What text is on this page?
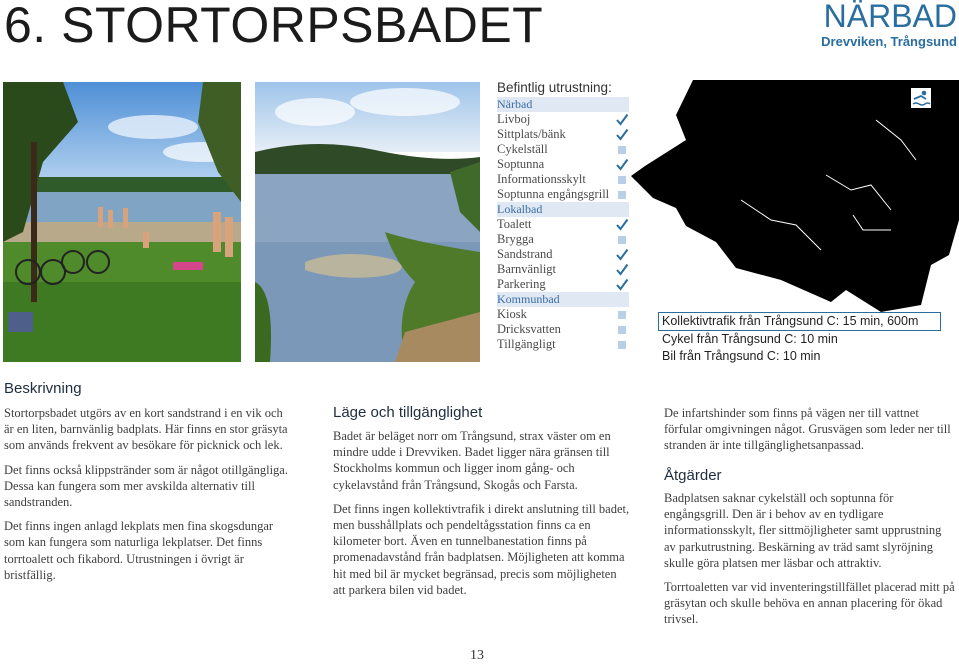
6. STORTORPSBADET	NÄRBAD
Drevviken, Trångsund
Befintlig utrustning:
Närbad
Livboj
Sittplats/bänk
Cykelställ
Soptunna
Informationsskylt
Soptunna engångsgrill
Lokalbad
Toalett
Brygga
Sandstrand
Barnvänligt
Parkering
Kommunbad
Kiosk
Dricksvatten
Tillgängligt
Kollektivtrafik från Trångsund C: 15 min, 600m
Cykel från Trångsund C: 10 min
Bil från Trångsund C: 10 min
Beskrivning

Stortorpsbadet utgörs av en kort sandstrand i en vik och är en liten, barnvänlig badplats. Här finns en stor gräsyta som används frekvent av besökare för picknick och lek.

Det finns också klippstränder som är något otillgängliga. Dessa kan fungera som mer avskilda alternativ till sandstranden.

Det finns ingen anlagd lekplats men fina skogsdungar som kan fungera som naturliga lekplatser. Det finns torrtoalett och fikabord. Utrustningen i övrigt är bristfällig.

Läge och tillgänglighet

Badet är beläget norr om Trångsund, strax väster om en mindre udde i Drevviken. Badet ligger nära gränsen till Stockholms kommun och ligger inom gång- och cykelavstånd från Trångsund, Skogås och Farsta.

Det finns ingen kollektivtrafik i direkt anslutning till badet, men busshållplats och pendeltågsstation finns ca en kilometer bort. Även en tunnelbanestation finns på promenadavstånd från badplatsen. Möjligheten att komma hit med bil är mycket begränsad, precis som möjligheten att parkera bilen vid badet.

De infartshinder som finns på vägen ner till vattnet förfular omgivningen något. Grusvägen som leder ner till stranden är inte tillgänglighetsanpassad.

Åtgärder

Badplatsen saknar cykelställ och soptunna för engångsgrill. Den är i behov av en tydligare informationsskylt, fler sittmöjligheter samt upprustning av parkutrustning. Beskärning av träd samt slyröjning skulle göra platsen mer läsbar och attraktiv.

Torrtoaletten var vid inventeringstillfället placerad mitt på gräsytan och skulle behöva en annan placering för ökad trivsel.

13
